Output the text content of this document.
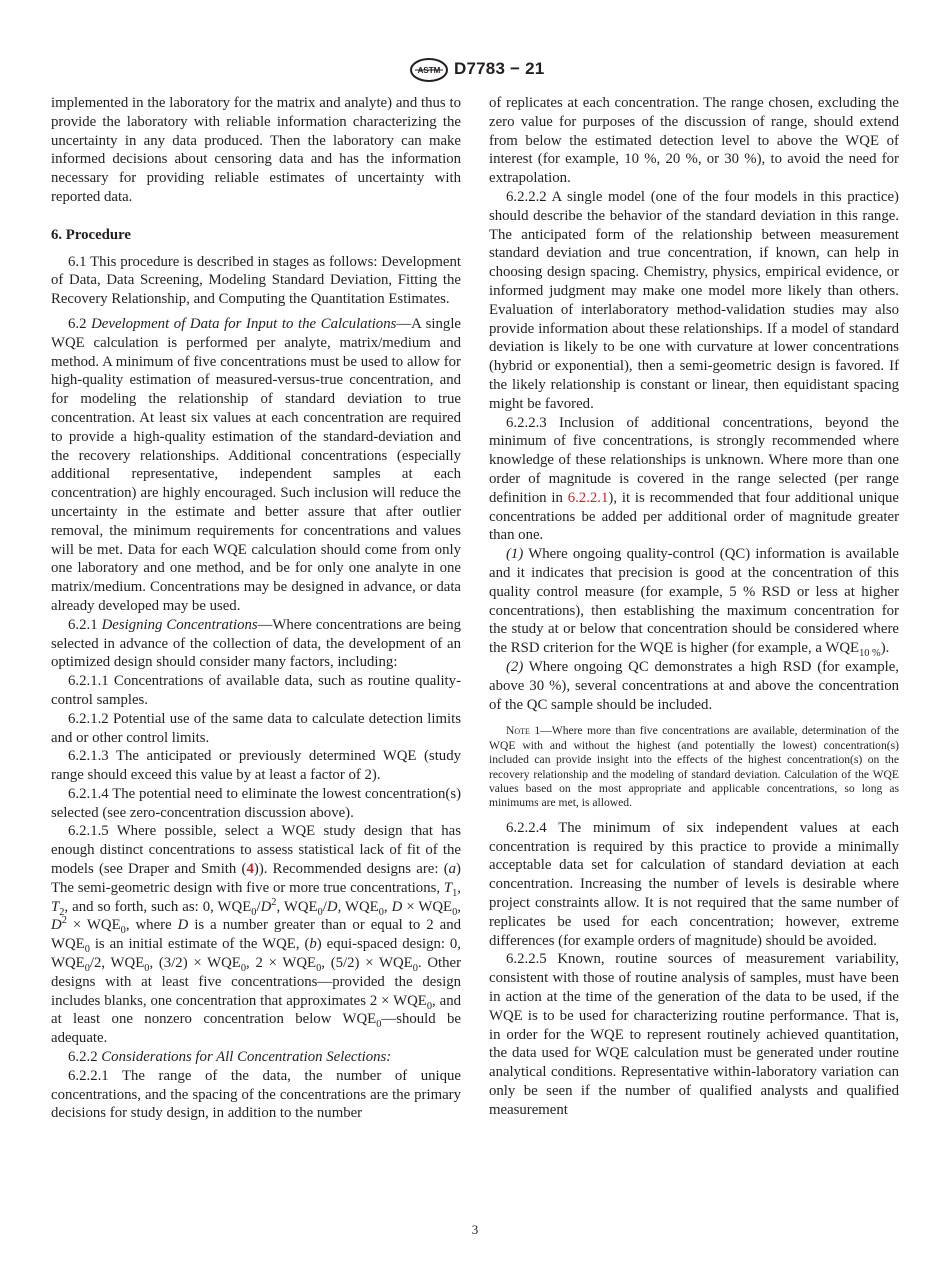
ASTM D7783 − 21

implemented in the laboratory for the matrix and analyte) and thus to provide the laboratory with reliable information characterizing the uncertainty in any data produced. Then the laboratory can make informed decisions about censoring data and has the information necessary for providing reliable estimates of uncertainty with reported data.

6. Procedure

6.1 This procedure is described in stages as follows: Development of Data, Data Screening, Modeling Standard Deviation, Fitting the Recovery Relationship, and Computing the Quantitation Estimates.

6.2 Development of Data for Input to the Calculations—A single WQE calculation is performed per analyte, matrix/medium and method. A minimum of five concentrations must be used to allow for high-quality estimation of measured-versus-true concentration, and for modeling the relationship of standard deviation to true concentration. At least six values at each concentration are required to provide a high-quality estimation of the standard-deviation and the recovery relationships. Additional concentrations (especially additional representative, independent samples at each concentration) are highly encouraged. Such inclusion will reduce the uncertainty in the estimate and better assure that after outlier removal, the minimum requirements for concentrations and values will be met. Data for each WQE calculation should come from only one laboratory and one method, and be for only one analyte in one matrix/medium. Concentrations may be designed in advance, or data already developed may be used.

6.2.1 Designing Concentrations—Where concentrations are being selected in advance of the collection of data, the development of an optimized design should consider many factors, including:

6.2.1.1 Concentrations of available data, such as routine quality-control samples.

6.2.1.2 Potential use of the same data to calculate detection limits and or other control limits.

6.2.1.3 The anticipated or previously determined WQE (study range should exceed this value by at least a factor of 2).

6.2.1.4 The potential need to eliminate the lowest concentration(s) selected (see zero-concentration discussion above).

6.2.1.5 Where possible, select a WQE study design that has enough distinct concentrations to assess statistical lack of fit of the models (see Draper and Smith (4)). Recommended designs are: (a) The semi-geometric design with five or more true concentrations, $T_1$, $T_2$, and so forth, such as: 0, $WQE_0/D^2$, $WQE_0/D$, $WQE_0$, $D \times WQE_0$, $D^2 \times WQE_0$, where D is a number greater than or equal to 2 and $WQE_0$ is an initial estimate of the WQE, (b) equi-spaced design: 0, $WQE_0/2$, $WQE_0$, $(3/2) \times WQE_0$, $2 \times WQE_0$, $(5/2) \times WQE_0$. Other designs with at least five concentrations—provided the design includes blanks, one concentration that approximates $2 \times WQE_0$, and at least one nonzero concentration below $WQE_0—should$ be adequate.

6.2.2 Considerations for All Concentration Selections:

6.2.2.1 The range of the data, the number of unique concentrations, and the spacing of the concentrations are the primary decisions for study design, in addition to the number

of replicates at each concentration. The range chosen, excluding the zero value for purposes of the discussion of range, should extend from below the estimated detection level to above the WQE of interest (for example, 10 %, 20 %, or 30 %), to avoid the need for extrapolation.

6.2.2.2 A single model (one of the four models in this practice) should describe the behavior of the standard deviation in this range. The anticipated form of the relationship between measurement standard deviation and true concentration, if known, can help in choosing design spacing. Chemistry, physics, empirical evidence, or informed judgment may make one model more likely than others. Evaluation of interlaboratory method-validation studies may also provide information about these relationships. If a model of standard deviation is likely to be one with curvature at lower concentrations (hybrid or exponential), then a semi-geometric design is favored. If the likely relationship is constant or linear, then equidistant spacing might be favored.

6.2.2.3 Inclusion of additional concentrations, beyond the minimum of five concentrations, is strongly recommended where knowledge of these relationships is unknown. Where more than one order of magnitude is covered in the range selected (per range definition in 6.2.2.1), it is recommended that four additional unique concentrations be added per additional order of magnitude greater than one.

(1) Where ongoing quality-control (QC) information is available and it indicates that precision is good at the concentration of this quality control measure (for example, 5 % RSD or less at higher concentrations), then establishing the maximum concentration for the study at or below that concentration should be considered where the RSD criterion for the WQE is higher (for example, a $WQE_{10 \%}$).

(2) Where ongoing QC demonstrates a high RSD (for example, above 30 %), several concentrations at and above the concentration of the QC sample should be included.

Note 1—Where more than five concentrations are available, determination of the WQE with and without the highest (and potentially the lowest) concentration(s) included can provide insight into the effects of the highest concentration(s) on the recovery relationship and the modeling of standard deviation. Calculation of the WQE values based on the most appropriate and applicable concentrations, so long as minimums are met, is allowed.

6.2.2.4 The minimum of six independent values at each concentration is required by this practice to provide a minimally acceptable data set for calculation of standard deviation at each concentration. Increasing the number of levels is desirable where project constraints allow. It is not required that the same number of replicates be used for each concentration; however, extreme differences (for example orders of magnitude) should be avoided.

6.2.2.5 Known, routine sources of measurement variability, consistent with those of routine analysis of samples, must have been in action at the time of the generation of the data to be used, if the WQE is to be used for characterizing routine performance. That is, in order for the WQE to represent routinely achieved quantitation, the data used for WQE calculation must be generated under routine analytical conditions. Representative within-laboratory variation can only be seen if the number of qualified analysts and qualified measurement

3
